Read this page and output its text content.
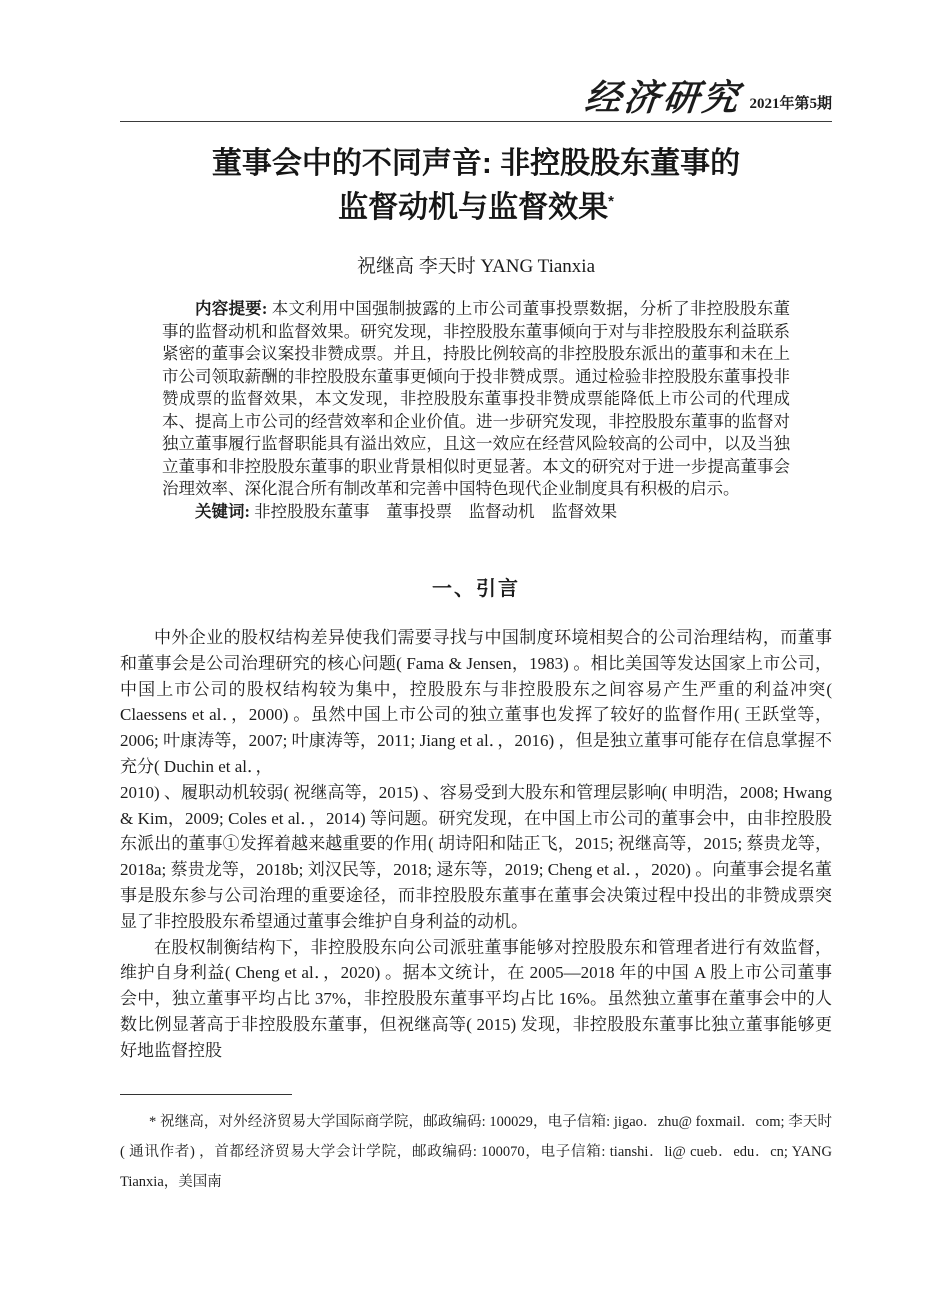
经济研究 2021年第5期
董事会中的不同声音: 非控股股东董事的
监督动机与监督效果*
祝继高 李天时 YANG Tianxia

内容提要: 本文利用中国强制披露的上市公司董事投票数据，分析了非控股股东董事的监督动机和监督效果。研究发现，非控股股东董事倾向于对与非控股股东利益联系紧密的董事会议案投非赞成票。并且，持股比例较高的非控股股东派出的董事和未在上市公司领取薪酬的非控股股东董事更倾向于投非赞成票。通过检验非控股股东董事投非赞成票的监督效果，本文发现，非控股股东董事投非赞成票能降低上市公司的代理成本、提高上市公司的经营效率和企业价值。进一步研究发现，非控股股东董事的监督对独立董事履行监督职能具有溢出效应，且这一效应在经营风险较高的公司中，以及当独立董事和非控股股东董事的职业背景相似时更显著。本文的研究对于进一步提高董事会治理效率、深化混合所有制改革和完善中国特色现代企业制度具有积极的启示。

关键词: 非控股股东董事　董事投票　监督动机　监督效果

一、引言

中外企业的股权结构差异使我们需要寻找与中国制度环境相契合的公司治理结构，而董事和董事会是公司治理研究的核心问题( Fama & Jensen，1983) 。相比美国等发达国家上市公司，中国上市公司的股权结构较为集中，控股股东与非控股股东之间容易产生严重的利益冲突( Claessens et al．，2000) 。虽然中国上市公司的独立董事也发挥了较好的监督作用( 王跃堂等，2006; 叶康涛等，2007; 叶康涛等，2011; Jiang et al．，2016) ，但是独立董事可能存在信息掌握不充分( Duchin et al．，
2010) 、履职动机较弱( 祝继高等，2015) 、容易受到大股东和管理层影响( 申明浩，2008; Hwang & Kim，2009; Coles et al．，2014) 等问题。研究发现，在中国上市公司的董事会中，由非控股股东派出的董事①发挥着越来越重要的作用( 胡诗阳和陆正飞，2015; 祝继高等，2015; 蔡贵龙等，2018a; 蔡贵龙等，2018b; 刘汉民等，2018; 逯东等，2019; Cheng et al．，2020) 。向董事会提名董事是股东参与公司治理的重要途径，而非控股股东董事在董事会决策过程中投出的非赞成票突显了非控股股东希望通过董事会维护自身利益的动机。

在股权制衡结构下，非控股股东向公司派驻董事能够对控股股东和管理者进行有效监督，维护自身利益( Cheng et al．，2020) 。据本文统计，在 2005—2018 年的中国 A 股上市公司董事会中，独立董事平均占比 37%，非控股股东董事平均占比 16%。虽然独立董事在董事会中的人数比例显著高于非控股股东董事，但祝继高等( 2015) 发现，非控股股东董事比独立董事能够更好地监督控股

* 祝继高，对外经济贸易大学国际商学院，邮政编码: 100029，电子信箱: jigao．zhu@ foxmail．com; 李天时( 通讯作者) ，首都经济贸易大学会计学院，邮政编码: 100070，电子信箱: tianshi．li@ cueb．edu．cn; YANG Tianxia，美国南
